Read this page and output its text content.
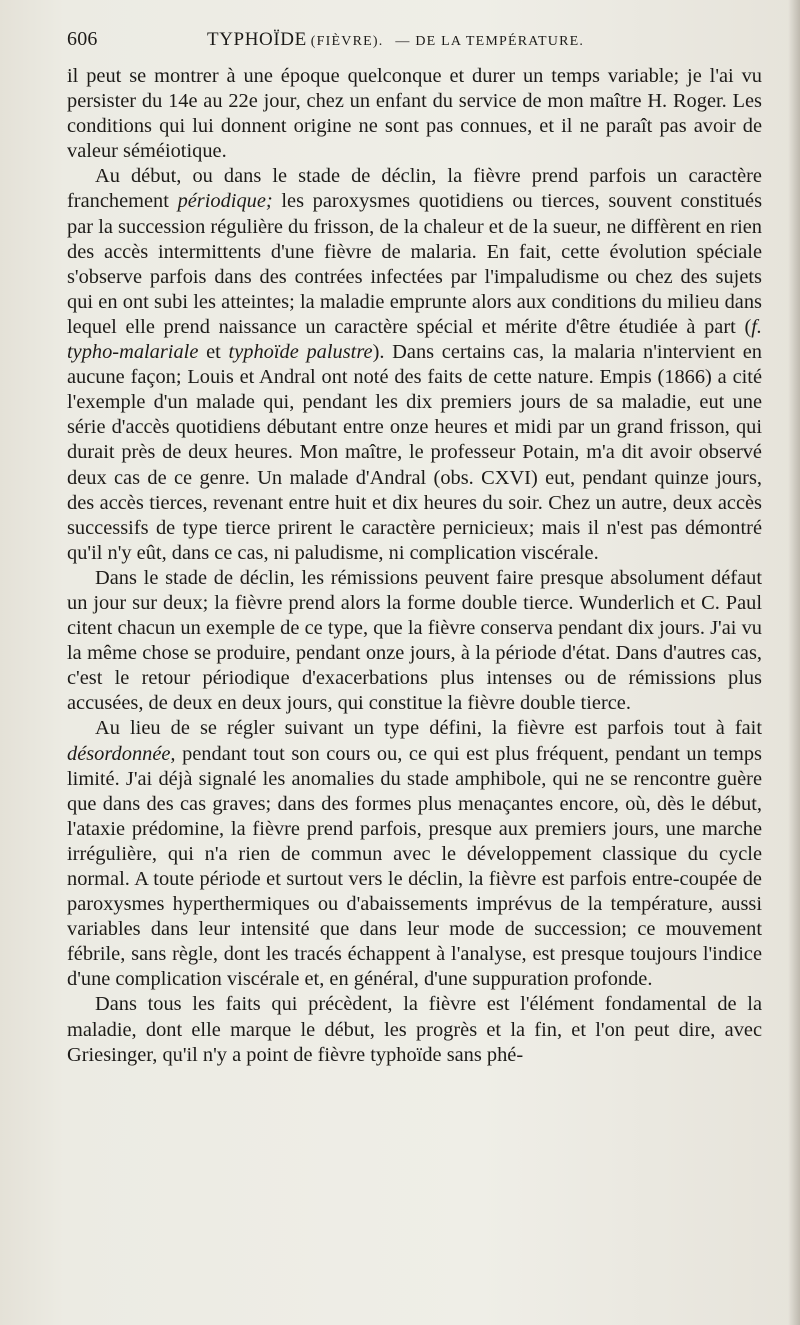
606	TYPHOÏDE (FIÈVRE). — DE LA TEMPÉRATURE.

il peut se montrer à une époque quelconque et durer un temps variable; je l'ai vu persister du 14e au 22e jour, chez un enfant du service de mon maître H. Roger. Les conditions qui lui donnent origine ne sont pas connues, et il ne paraît pas avoir de valeur séméiotique.

Au début, ou dans le stade de déclin, la fièvre prend parfois un caractère franchement périodique; les paroxysmes quotidiens ou tierces, souvent constitués par la succession régulière du frisson, de la chaleur et de la sueur, ne diffèrent en rien des accès intermittents d'une fièvre de malaria. En fait, cette évolution spéciale s'observe parfois dans des contrées infectées par l'impaludisme ou chez des sujets qui en ont subi les atteintes; la maladie emprunte alors aux conditions du milieu dans lequel elle prend naissance un caractère spécial et mérite d'être étudiée à part (f. typho-malariale et typhoïde palustre). Dans certains cas, la malaria n'intervient en aucune façon; Louis et Andral ont noté des faits de cette nature. Empis (1866) a cité l'exemple d'un malade qui, pendant les dix premiers jours de sa maladie, eut une série d'accès quotidiens débutant entre onze heures et midi par un grand frisson, qui durait près de deux heures. Mon maître, le professeur Potain, m'a dit avoir observé deux cas de ce genre. Un malade d'Andral (obs. CXVI) eut, pendant quinze jours, des accès tierces, revenant entre huit et dix heures du soir. Chez un autre, deux accès successifs de type tierce prirent le caractère pernicieux; mais il n'est pas démontré qu'il n'y eût, dans ce cas, ni paludisme, ni complication viscérale.

Dans le stade de déclin, les rémissions peuvent faire presque absolument défaut un jour sur deux; la fièvre prend alors la forme double tierce. Wunderlich et C. Paul citent chacun un exemple de ce type, que la fièvre conserva pendant dix jours. J'ai vu la même chose se produire, pendant onze jours, à la période d'état. Dans d'autres cas, c'est le retour périodique d'exacerbations plus intenses ou de rémissions plus accusées, de deux en deux jours, qui constitue la fièvre double tierce.

Au lieu de se régler suivant un type défini, la fièvre est parfois tout à fait désordonnée, pendant tout son cours ou, ce qui est plus fréquent, pendant un temps limité. J'ai déjà signalé les anomalies du stade amphibole, qui ne se rencontre guère que dans des cas graves; dans des formes plus menaçantes encore, où, dès le début, l'ataxie prédomine, la fièvre prend parfois, presque aux premiers jours, une marche irrégulière, qui n'a rien de commun avec le développement classique du cycle normal. A toute période et surtout vers le déclin, la fièvre est parfois entre-coupée de paroxysmes hyperthermiques ou d'abaissements imprévus de la température, aussi variables dans leur intensité que dans leur mode de succession; ce mouvement fébrile, sans règle, dont les tracés échappent à l'analyse, est presque toujours l'indice d'une complication viscérale et, en général, d'une suppuration profonde.

Dans tous les faits qui précèdent, la fièvre est l'élément fondamental de la maladie, dont elle marque le début, les progrès et la fin, et l'on peut dire, avec Griesinger, qu'il n'y a point de fièvre typhoïde sans phé-
